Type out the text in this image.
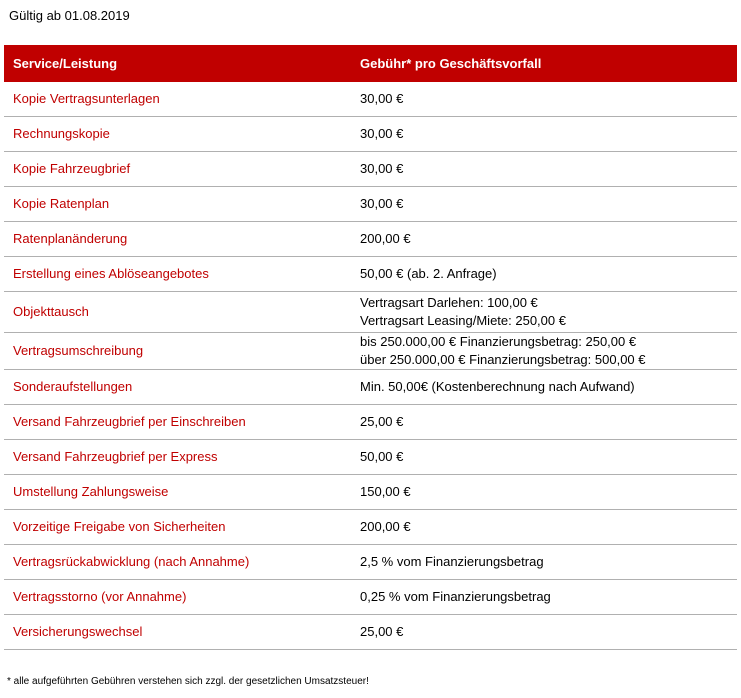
Gültig ab 01.08.2019
Service/Leistung	Gebühr* pro Geschäftsvorfall
Kopie Vertragsunterlagen	30,00 €
Rechnungskopie	30,00 €
Kopie Fahrzeugbrief	30,00 €
Kopie Ratenplan	30,00 €
Ratenplanänderung	200,00 €
Erstellung eines Ablöseangebotes	50,00 € (ab. 2. Anfrage)
Objekttausch	Vertragsart Darlehen: 100,00 €
Vertragsart Leasing/Miete: 250,00 €

Vertragsumschreibung	bis 250.000,00 € Finanzierungsbetrag: 250,00 €
über 250.000,00 € Finanzierungsbetrag: 500,00 €

Sonderaufstellungen	Min. 50,00€ (Kostenberechnung nach Aufwand)
Versand Fahrzeugbrief per Einschreiben	25,00 €
Versand Fahrzeugbrief per Express	50,00 €
Umstellung Zahlungsweise	150,00 €
Vorzeitige Freigabe von Sicherheiten	200,00 €
Vertragsrückabwicklung (nach Annahme)	2,5 % vom Finanzierungsbetrag
Vertragsstorno (vor Annahme)	0,25 % vom Finanzierungsbetrag
Versicherungswechsel	25,00 €
* alle aufgeführten Gebühren verstehen sich zzgl. der gesetzlichen Umsatzsteuer!
